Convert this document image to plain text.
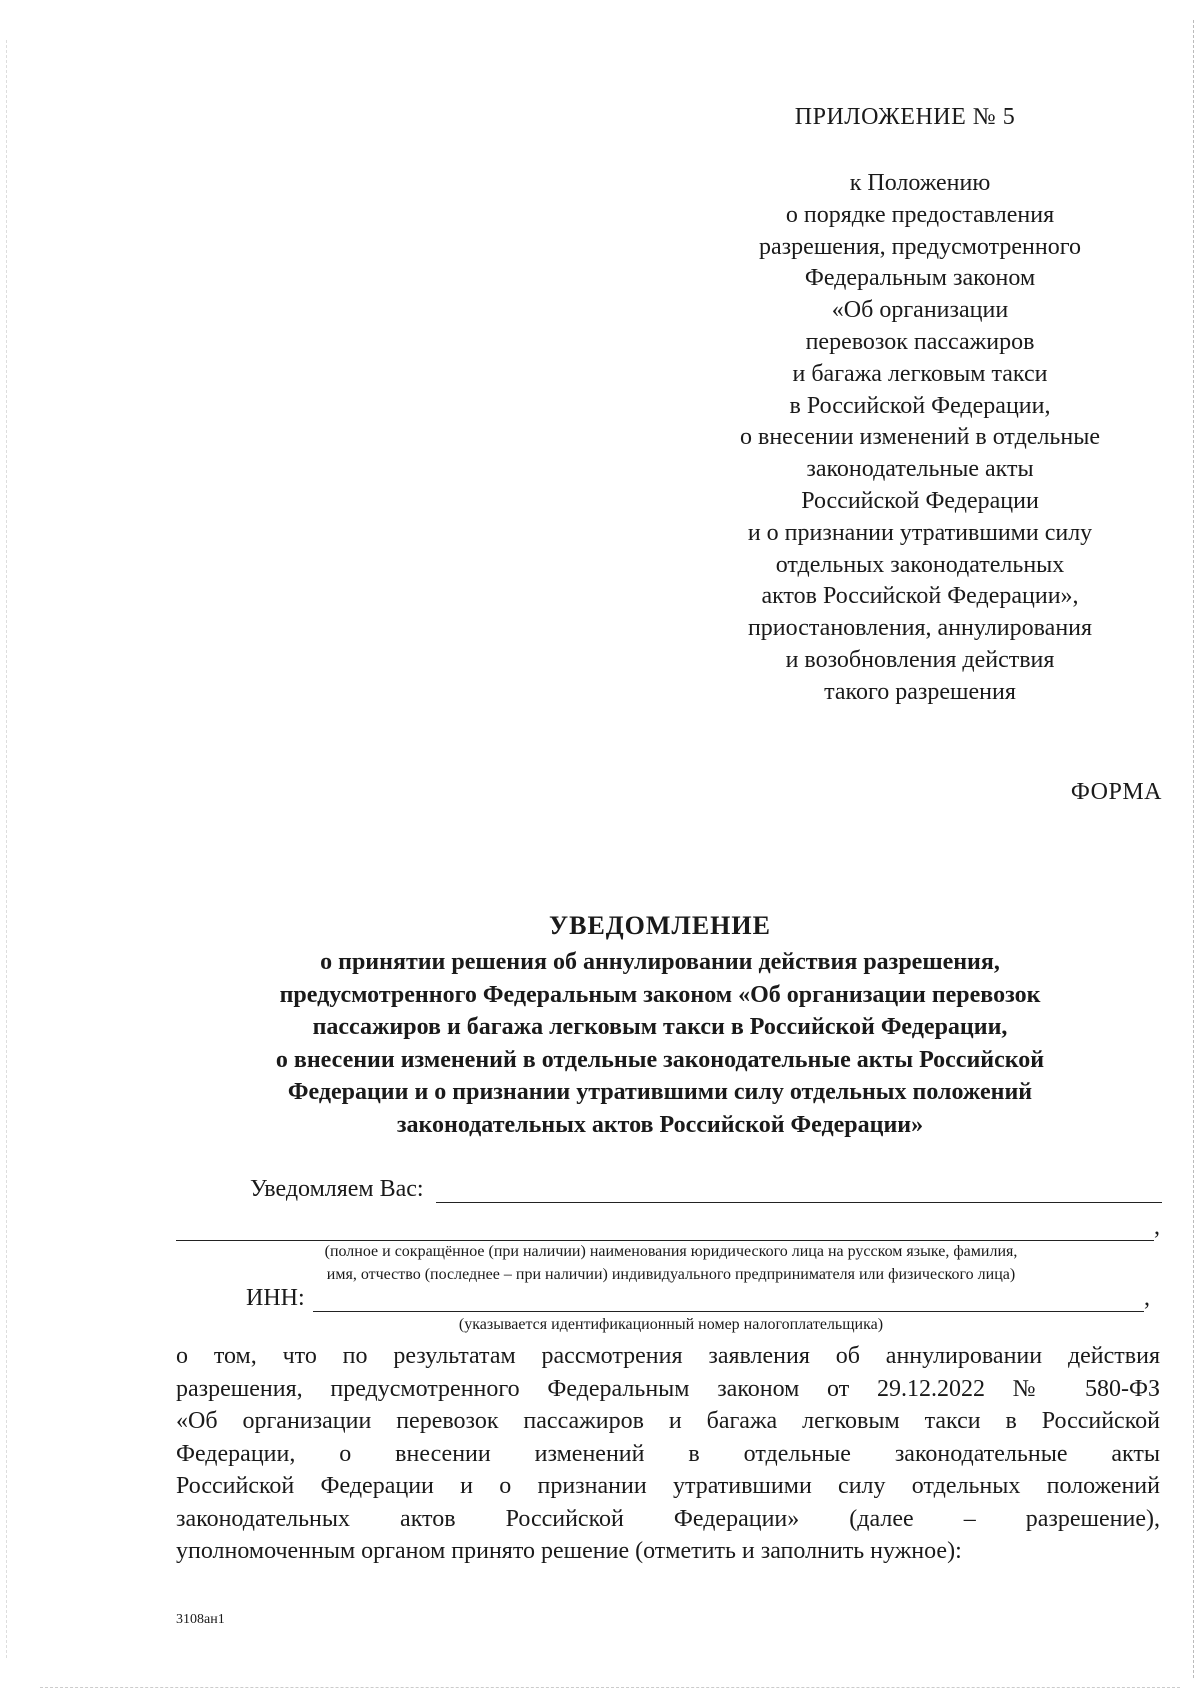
ПРИЛОЖЕНИЕ № 5
к Положению
о порядке предоставления
разрешения, предусмотренного
Федеральным законом
«Об организации
перевозок пассажиров
и багажа легковым такси
в Российской Федерации,
о внесении изменений в отдельные
законодательные акты
Российской Федерации
и о признании утратившими силу
отдельных законодательных
актов Российской Федерации»,
приостановления, аннулирования
и возобновления действия
такого разрешения
ФОРМА
УВЕДОМЛЕНИЕ
о принятии решения об аннулировании действия разрешения,
предусмотренного Федеральным законом «Об организации перевозок
пассажиров и багажа легковым такси в Российской Федерации,
о внесении изменений в отдельные законодательные акты Российской
Федерации и о признании утратившими силу отдельных положений
законодательных актов Российской Федерации»
Уведомляем Вас:
,
(полное и сокращённое (при наличии) наименования юридического лица на русском языке, фамилия,
имя, отчество (последнее – при наличии) индивидуального предпринимателя или физического лица)
ИНН:	,
(указывается идентификационный номер налогоплательщика)
о том, что по результатам рассмотрения заявления об аннулировании действия
разрешения, предусмотренного Федеральным законом от 29.12.2022 № 580-ФЗ
«Об организации перевозок пассажиров и багажа легковым такси в Российской
Федерации, о внесении изменений в отдельные законодательные акты
Российской Федерации и о признании утратившими силу отдельных положений
законодательных актов Российской Федерации» (далее – разрешение),
уполномоченным органом принято решение (отметить и заполнить нужное):
3108ан1
